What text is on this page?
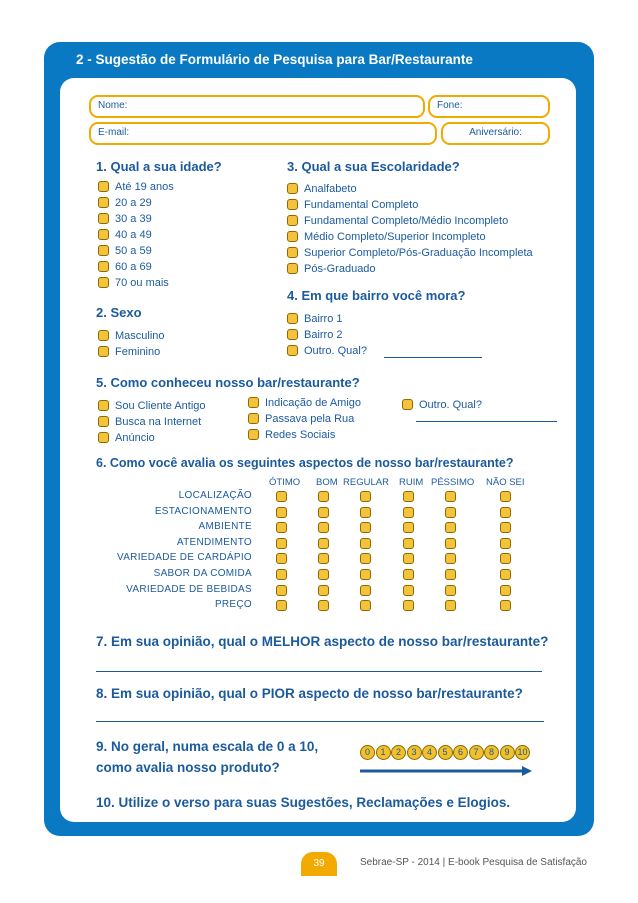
2 - Sugestão de Formulário de Pesquisa para Bar/Restaurante
Nome:	Fone:
E-mail:	Aniversário:
1. Qual a sua idade?
Até 19 anos
20 a 29
30 a 39
40 a 49
50 a 59
60 a 69
70 ou mais
2. Sexo
Masculino
Feminino
3. Qual a sua Escolaridade?
Analfabeto
Fundamental Completo
Fundamental Completo/Médio Incompleto
Médio Completo/Superior Incompleto
Superior Completo/Pós-Graduação Incompleta
Pós-Graduado
4. Em que bairro você mora?
Bairro 1
Bairro 2
Outro. Qual?
5. Como conheceu nosso bar/restaurante?
Sou Cliente Antigo
Busca na Internet
Anúncio
Indicação de Amigo
Passava pela Rua
Redes Sociais
Outro. Qual?
6. Como você avalia os seguintes aspectos de nosso bar/restaurante?
ÓTIMO BOM REGULAR RUIM PÉSSIMO NÃO SEI
LOCALIZAÇÃO
ESTACIONAMENTO
AMBIENTE
ATENDIMENTO
VARIEDADE DE CARDÁPIO
SABOR DA COMIDA
VARIEDADE DE BEBIDAS
PREÇO
7. Em sua opinião, qual o MELHOR aspecto de nosso bar/restaurante?
8. Em sua opinião, qual o PIOR aspecto de nosso bar/restaurante?
9. No geral, numa escala de 0 a 10,
como avalia nosso produto?
0	1	2	3	4	5	6	7	8	9 10
10. Utilize o verso para suas Sugestões, Reclamações e Elogios.
39	Sebrae-SP - 2014 | E-book Pesquisa de Satisfação
